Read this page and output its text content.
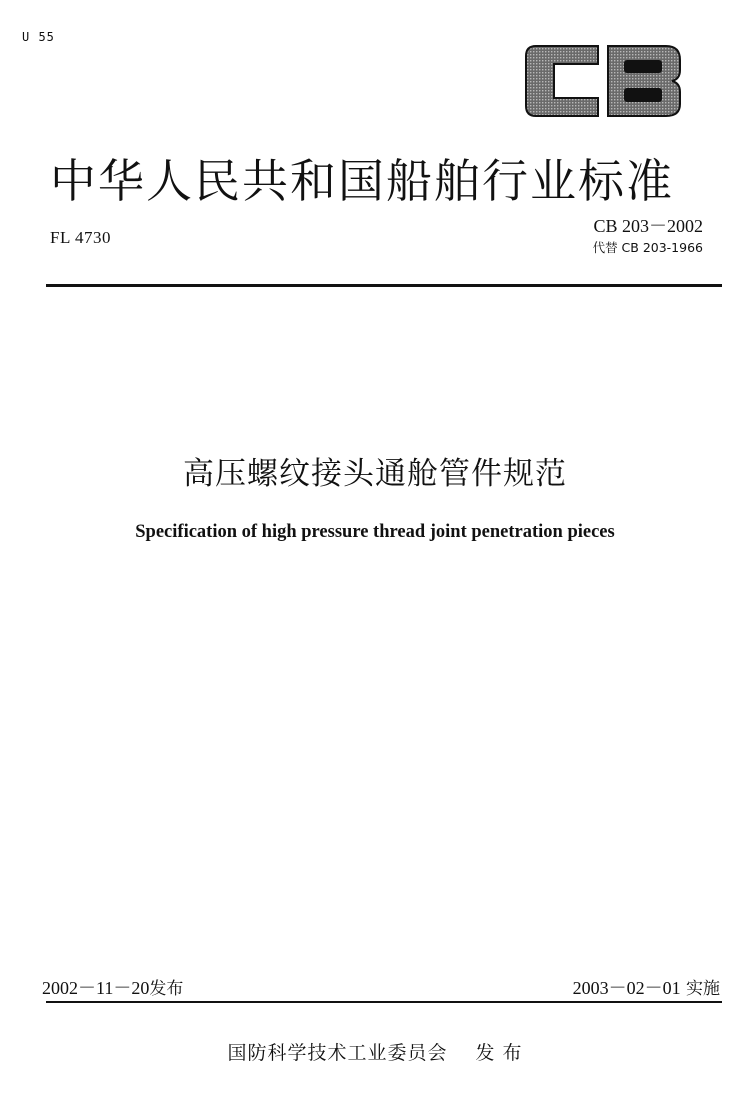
U 55
中华人民共和国船舶行业标准
FL 4730
CB 203－2002
代替 CB 203-1966
高压螺纹接头通舱管件规范
Specification of high pressure thread joint penetration pieces
2002－11－20发布	2003－02－01 实施
国防科学技术工业委员会 发 布
